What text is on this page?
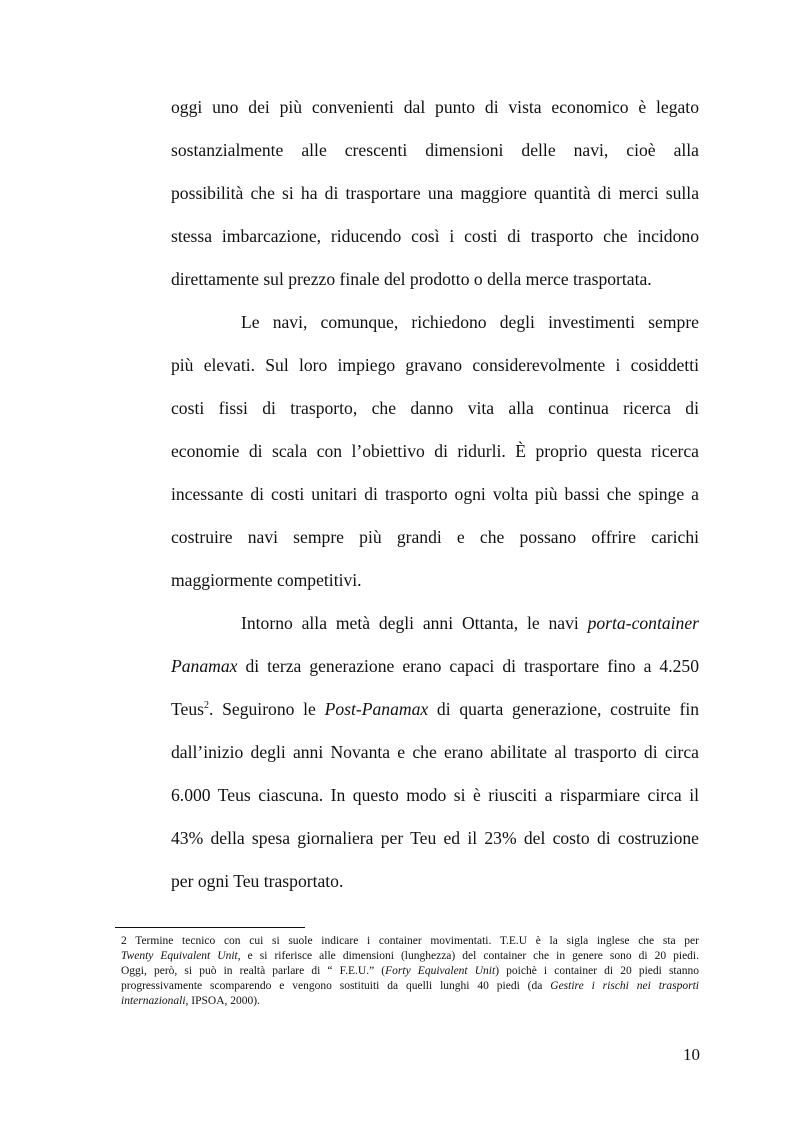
oggi uno dei più convenienti dal punto di vista economico è legato
sostanzialmente alle crescenti dimensioni delle navi, cioè alla
possibilità che si ha di trasportare una maggiore quantità di merci sulla
stessa imbarcazione, riducendo così i costi di trasporto che incidono
direttamente sul prezzo finale del prodotto o della merce trasportata.
Le navi, comunque, richiedono degli investimenti sempre
più elevati. Sul loro impiego gravano considerevolmente i cosiddetti
costi fissi di trasporto, che danno vita alla continua ricerca di
economie di scala con l’obiettivo di ridurli. È proprio questa ricerca
incessante di costi unitari di trasporto ogni volta più bassi che spinge a
costruire navi sempre più grandi e che possano offrire carichi
maggiormente competitivi.
Intorno alla metà degli anni Ottanta, le navi porta-container
Panamax di terza generazione erano capaci di trasportare fino a 4.250
Teus$^2$. Seguirono le Post-Panamax di quarta generazione, costruite fin
dall’inizio degli anni Novanta e che erano abilitate al trasporto di circa
6.000 Teus ciascuna. In questo modo si è riusciti a risparmiare circa il
43% della spesa giornaliera per Teu ed il 23% del costo di costruzione
per ogni Teu trasportato.
2 Termine tecnico con cui si suole indicare i container movimentati. T.E.U è la sigla inglese che sta per
Twenty Equivalent Unit, e si riferisce alle dimensioni (lunghezza) del container che in genere sono di 20 piedi.
Oggi, però, si può in realtà parlare di “ F.E.U.” (Forty Equivalent Unit) poichè i container di 20 piedi stanno
progressivamente scomparendo e vengono sostituiti da quelli lunghi 40 piedi (da Gestire i rischi nei trasporti
internazionali, IPSOA, 2000).
10
